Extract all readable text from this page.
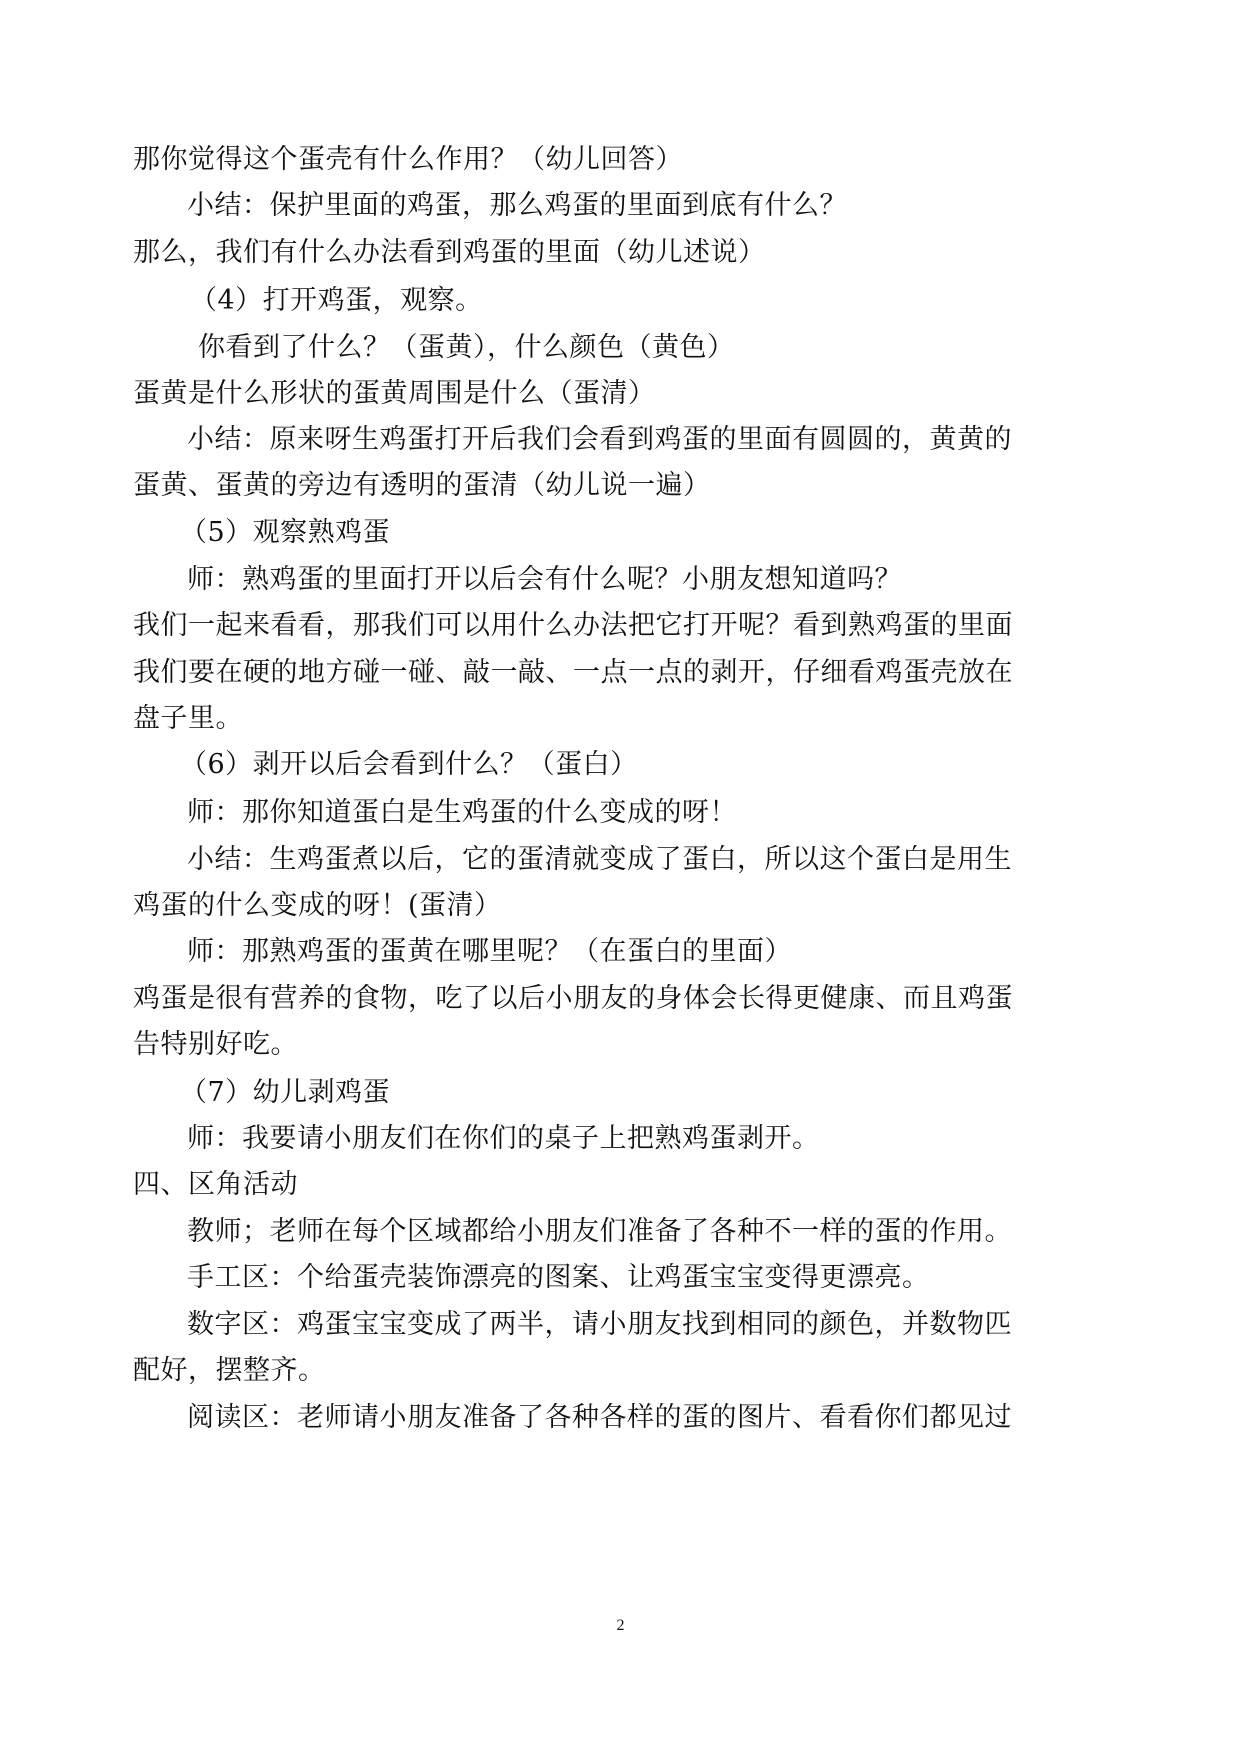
那你觉得这个蛋壳有什么作用？（幼儿回答）
小结：保护里面的鸡蛋，那么鸡蛋的里面到底有什么？
那么，我们有什么办法看到鸡蛋的里面（幼儿述说）
（4）打开鸡蛋，观察。
你看到了什么？（蛋黄），什么颜色（黄色）
蛋黄是什么形状的蛋黄周围是什么（蛋清）
小结：原来呀生鸡蛋打开后我们会看到鸡蛋的里面有圆圆的，黄黄的
蛋黄、蛋黄的旁边有透明的蛋清（幼儿说一遍）
（5）观察熟鸡蛋
师：熟鸡蛋的里面打开以后会有什么呢？小朋友想知道吗？
我们一起来看看，那我们可以用什么办法把它打开呢？看到熟鸡蛋的里面
我们要在硬的地方碰一碰、敲一敲、一点一点的剥开，仔细看鸡蛋壳放在
盘子里。
（6）剥开以后会看到什么？（蛋白）
师：那你知道蛋白是生鸡蛋的什么变成的呀！
小结：生鸡蛋煮以后，它的蛋清就变成了蛋白，所以这个蛋白是用生
鸡蛋的什么变成的呀！(蛋清）
师：那熟鸡蛋的蛋黄在哪里呢？（在蛋白的里面）
鸡蛋是很有营养的食物，吃了以后小朋友的身体会长得更健康、而且鸡蛋
告特别好吃。
（7）幼儿剥鸡蛋
师：我要请小朋友们在你们的桌子上把熟鸡蛋剥开。
四、区角活动
教师；老师在每个区域都给小朋友们准备了各种不一样的蛋的作用。
手工区：个给蛋壳装饰漂亮的图案、让鸡蛋宝宝变得更漂亮。
数字区：鸡蛋宝宝变成了两半，请小朋友找到相同的颜色，并数物匹
配好，摆整齐。
阅读区：老师请小朋友准备了各种各样的蛋的图片、看看你们都见过
2
